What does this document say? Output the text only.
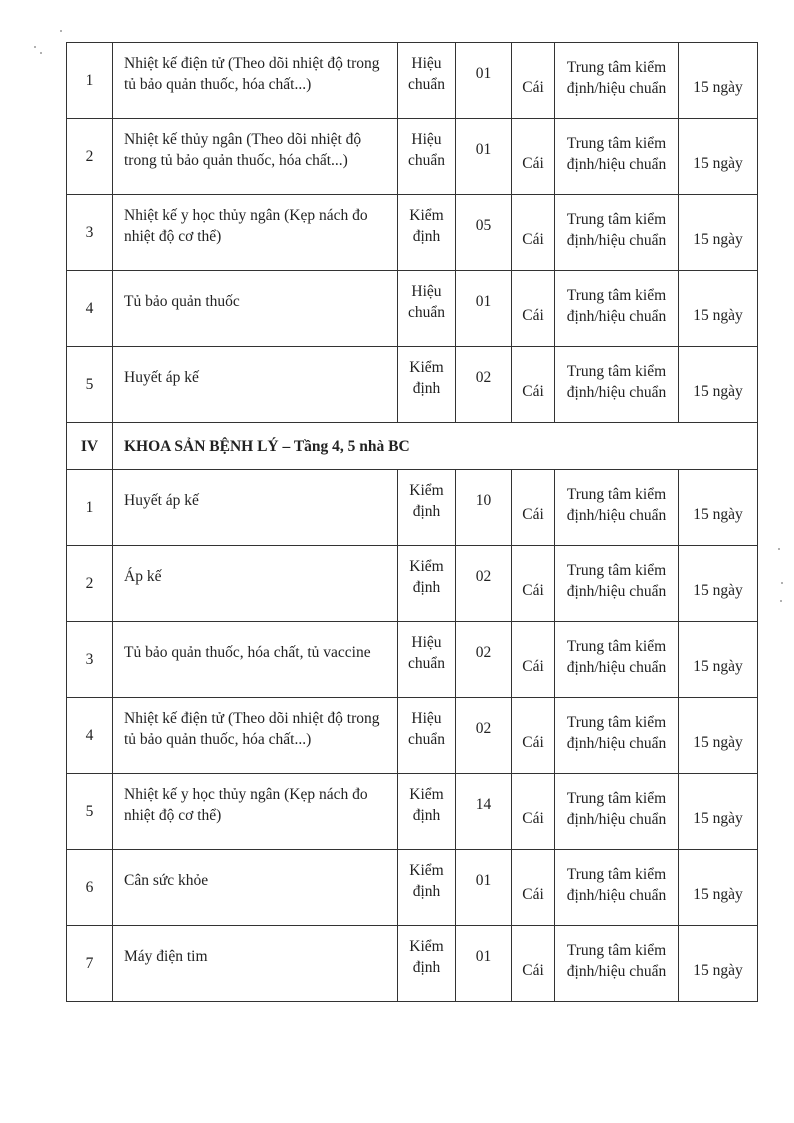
1	Nhiệt kế điện tử (Theo dõi nhiệt độ trong tủ bảo quản thuốc, hóa chất...)	Hiệu chuẩn	01	Cái	Trung tâm kiểm định/hiệu chuẩn	15 ngày

2	Nhiệt kế thủy ngân (Theo dõi nhiệt độ trong tủ bảo quản thuốc, hóa chất...)	Hiệu chuẩn	01	Cái	Trung tâm kiểm định/hiệu chuẩn	15 ngày

3	Nhiệt kế y học thủy ngân (Kẹp nách đo nhiệt độ cơ thể)	Kiểm định	05	Cái	Trung tâm kiểm định/hiệu chuẩn	15 ngày

4	Tủ bảo quản thuốc	Hiệu chuẩn	01	Cái	Trung tâm kiểm định/hiệu chuẩn	15 ngày

5	Huyết áp kế	Kiểm định	02	Cái	Trung tâm kiểm định/hiệu chuẩn	15 ngày

IV	KHOA SẢN BỆNH LÝ – Tầng 4, 5 nhà BC					
1	Huyết áp kế	Kiểm định	10	Cái	Trung tâm kiểm định/hiệu chuẩn	15 ngày

2	Áp kế	Kiểm định	02	Cái	Trung tâm kiểm định/hiệu chuẩn	15 ngày

3	Tủ bảo quản thuốc, hóa chất, tủ vaccine	Hiệu chuẩn	02	Cái	Trung tâm kiểm định/hiệu chuẩn	15 ngày

4	Nhiệt kế điện tử (Theo dõi nhiệt độ trong tủ bảo quản thuốc, hóa chất...)	Hiệu chuẩn	02	Cái	Trung tâm kiểm định/hiệu chuẩn	15 ngày

5	Nhiệt kế y học thủy ngân (Kẹp nách đo nhiệt độ cơ thể)	Kiểm định	14	Cái	Trung tâm kiểm định/hiệu chuẩn	15 ngày

6	Cân sức khỏe	Kiểm định	01	Cái	Trung tâm kiểm định/hiệu chuẩn	15 ngày

7	Máy điện tim	Kiểm định	01	Cái	Trung tâm kiểm định/hiệu chuẩn	15 ngày
